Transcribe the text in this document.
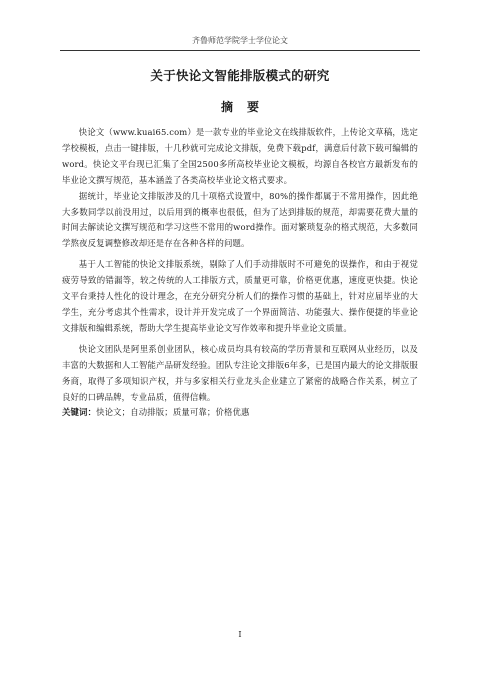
齐鲁师范学院学士学位论文
关于快论文智能排版模式的研究
摘要

快论文（www.kuai65.com）是一款专业的毕业论文在线排版软件，上传论文草稿，选定学校模板，点击一键排版，十几秒就可完成论文排版，免费下载pdf，满意后付款下载可编辑的word。快论文平台现已汇集了全国2500多所高校毕业论文模板，均源自各校官方最新发布的毕业论文撰写规范，基本涵盖了各类高校毕业论文格式要求。

据统计，毕业论文排版涉及的几十项格式设置中，80%的操作都属于不常用操作，因此绝大多数同学以前没用过，以后用到的概率也很低，但为了达到排版的规范，却需要花费大量的时间去解读论文撰写规范和学习这些不常用的word操作。面对繁琐复杂的格式规范，大多数同学熬夜反复调整修改却还是存在各种各样的问题。

基于人工智能的快论文排版系统，剔除了人们手动排版时不可避免的误操作，和由于视觉疲劳导致的错漏等，较之传统的人工排版方式，质量更可靠，价格更优惠，速度更快捷。快论文平台秉持人性化的设计理念，在充分研究分析人们的操作习惯的基础上，针对应届毕业的大学生，充分考虑其个性需求，设计并开发完成了一个界面简洁、功能强大、操作便捷的毕业论文排版和编辑系统，帮助大学生提高毕业论文写作效率和提升毕业论文质量。

快论文团队是阿里系创业团队，核心成员均具有较高的学历背景和互联网从业经历，以及丰富的大数据和人工智能产品研发经验。团队专注论文排版6年多，已是国内最大的论文排版服务商，取得了多项知识产权，并与多家相关行业龙头企业建立了紧密的战略合作关系，树立了良好的口碑品牌，专业品质，值得信赖。

关键词：快论文；自动排版；质量可靠；价格优惠

I
